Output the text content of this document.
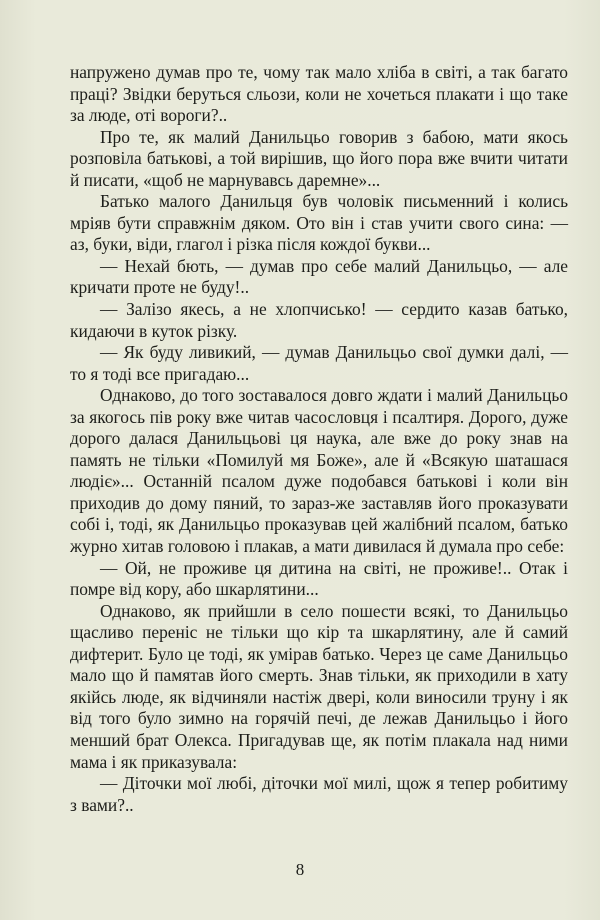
напружено думав про те, чому так мало хліба в світі, а так багато праці? Звідки беруться сльози, коли не хочеться плакати і що таке за люде, оті вороги?..

Про те, як малий Данильцьо говорив з бабою, мати якось розповіла батькові, а той вирішив, що його пора вже вчити читати й писати, «щоб не марнувавсь даремне»...

Батько малого Данильця був чоловік письменний і колись мріяв бути справжнім дяком. Ото він і став учити свого сина: — аз, буки, віди, глагол і різка після кождої букви...

— Нехай бють, — думав про себе малий Данильцьо, — але кричати проте не буду!..

— Залізо якесь, а не хлопчисько! — сердито казав батько, кидаючи в куток різку.

— Як буду ливикий, — думав Данильцьо свої думки далі, — то я тоді все пригадаю...

Однаково, до того зоставалося довго ждати і малий Данильцьо за якогось пів року вже читав часословця і псалтиря. Дорого, дуже дорого далася Данильцьові ця наука, але вже до року знав на память не тільки «Помилуй мя Боже», але й «Всякую шаташася людіє»... Останній псалом дуже подобався батькові і коли він приходив до дому пяний, то зараз-же заставляв його проказувати собі і, тоді, як Данильцьо проказував цей жалібний псалом, батько журно хитав головою і плакав, а мати дивилася й думала про себе:

— Ой, не проживе ця дитина на світі, не проживе!.. Отак і помре від кору, або шкарлятини...

Однаково, як прийшли в село пошести всякі, то Данильцьо щасливо переніс не тільки що кір та шкарлятину, але й самий дифтерит. Було це тоді, як умірав батько. Через це саме Данильцьо мало що й памятав його смерть. Знав тільки, як приходили в хату якійсь люде, як відчиняли настіж двері, коли виносили труну і як від того було зимно на горячій печі, де лежав Данильцьо і його менший брат Олекса. Пригадував ще, як потім плакала над ними мама і як приказувала:

— Діточки мої любі, діточки мої милі, щож я тепер робитиму з вами?..

8
